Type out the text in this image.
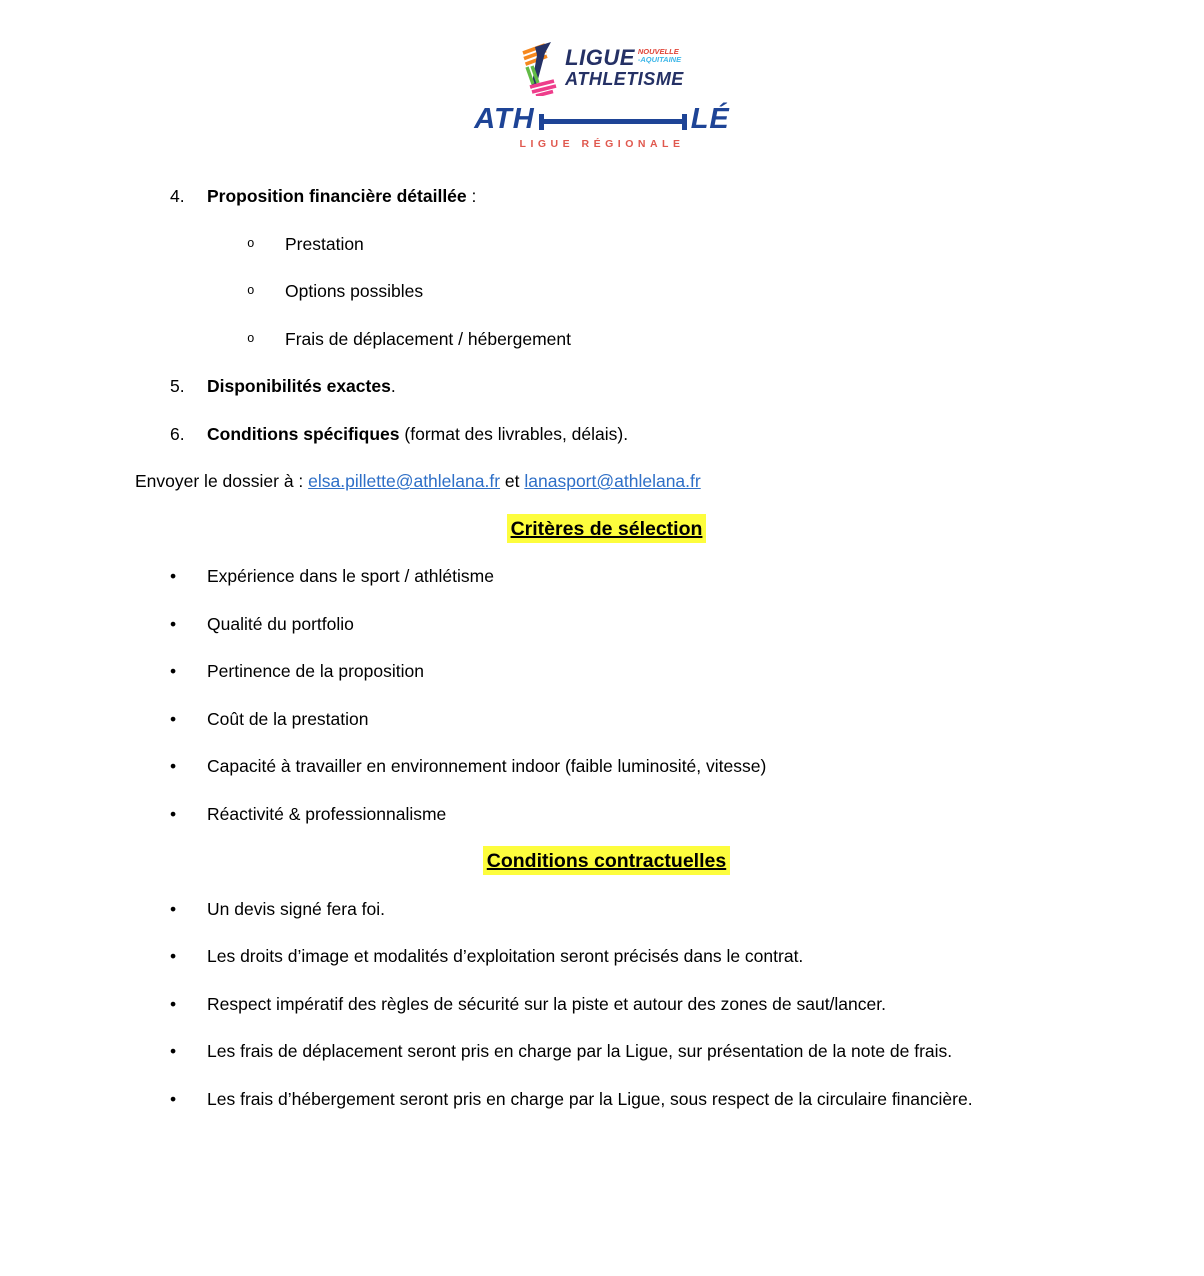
LIGUE NOUVELLE
-AQUITAINE
ATHLETISME
ATH	LÉ
LIGUE RÉGIONALE
4.	Proposition financière détaillée :
o	Prestation
o	Options possibles
o	Frais de déplacement / hébergement
5.	Disponibilités exactes.
6.	Conditions spécifiques (format des livrables, délais).
Envoyer le dossier à : elsa.pillette@athlelana.fr et lanasport@athlelana.fr
Critères de sélection
•	Expérience dans le sport / athlétisme
•	Qualité du portfolio
•	Pertinence de la proposition
•	Coût de la prestation
•	Capacité à travailler en environnement indoor (faible luminosité, vitesse)
•	Réactivité & professionnalisme
Conditions contractuelles
•	Un devis signé fera foi.
•	Les droits d’image et modalités d’exploitation seront précisés dans le contrat.
•	Respect impératif des règles de sécurité sur la piste et autour des zones de saut/lancer.
•	Les frais de déplacement seront pris en charge par la Ligue, sur présentation de la note de frais.
•	Les frais d’hébergement seront pris en charge par la Ligue, sous respect de la circulaire financière.
